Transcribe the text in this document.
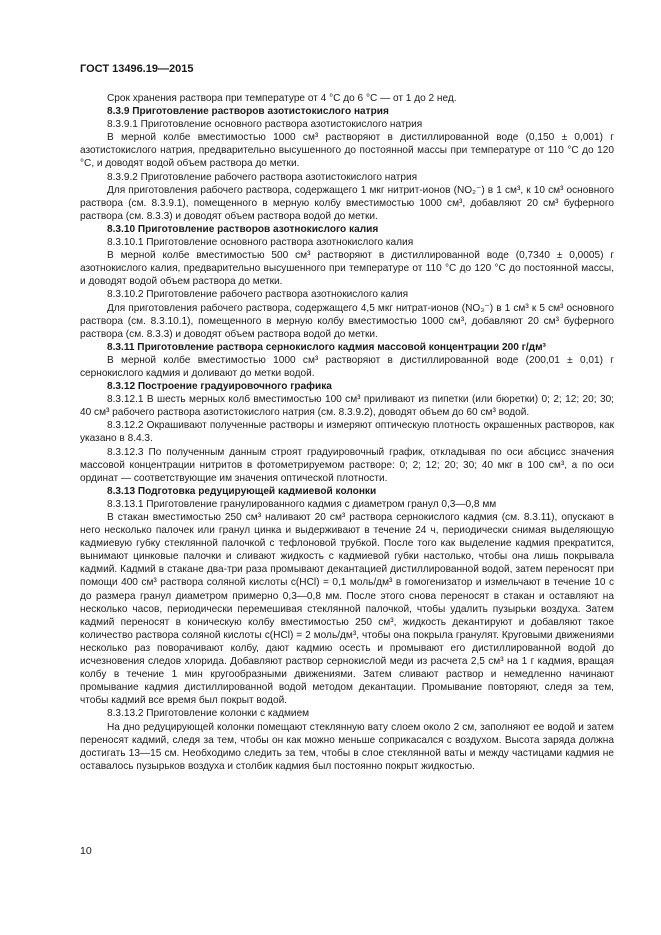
ГОСТ 13496.19—2015

Срок хранения раствора при температуре от 4 °С до 6 °С — от 1 до 2 нед.

8.3.9 Приготовление растворов азотистокислого натрия

8.3.9.1 Приготовление основного раствора азотистокислого натрия

В мерной колбе вместимостью 1000 см³ растворяют в дистиллированной воде (0,150 ± 0,001) г азотистокислого натрия, предварительно высушенного до постоянной массы при температуре от 110 °С до 120 °С, и доводят водой объем раствора до метки.

8.3.9.2 Приготовление рабочего раствора азотистокислого натрия

Для приготовления рабочего раствора, содержащего 1 мкг нитрит-ионов (NO₂⁻) в 1 см³, к 10 см³ основного раствора (см. 8.3.9.1), помещенного в мерную колбу вместимостью 1000 см³, добавляют 20 см³ буферного раствора (см. 8.3.3) и доводят объем раствора водой до метки.

8.3.10 Приготовление растворов азотнокислого калия

8.3.10.1 Приготовление основного раствора азотнокислого калия

В мерной колбе вместимостью 500 см³ растворяют в дистиллированной воде (0,7340 ± 0,0005) г азотнокислого калия, предварительно высушенного при температуре от 110 °С до 120 °С до постоянной массы, и доводят водой объем раствора до метки.

8.3.10.2 Приготовление рабочего раствора азотнокислого калия

Для приготовления рабочего раствора, содержащего 4,5 мкг нитрат-ионов (NO₃⁻) в 1 см³ к 5 см³ основного раствора (см. 8.3.10.1), помещенного в мерную колбу вместимостью 1000 см³, добавляют 20 см³ буферного раствора (см. 8.3.3) и доводят объем раствора водой до метки.

8.3.11 Приготовление раствора сернокислого кадмия массовой концентрации 200 г/дм³

В мерной колбе вместимостью 1000 см³ растворяют в дистиллированной воде (200,01 ± 0,01) г сернокислого кадмия и доливают до метки водой.

8.3.12 Построение градуировочного графика

8.3.12.1 В шесть мерных колб вместимостью 100 см³ приливают из пипетки (или бюретки) 0; 2; 12; 20; 30; 40 см³ рабочего раствора азотистокислого натрия (см. 8.3.9.2), доводят объем до 60 см³ водой.

8.3.12.2 Окрашивают полученные растворы и измеряют оптическую плотность окрашенных растворов, как указано в 8.4.3.

8.3.12.3 По полученным данным строят градуировочный график, откладывая по оси абсцисс значения массовой концентрации нитритов в фотометрируемом растворе: 0; 2; 12; 20; 30; 40 мкг в 100 см³, а по оси ординат — соответствующие им значения оптической плотности.

8.3.13 Подготовка редуцирующей кадмиевой колонки

8.3.13.1 Приготовление гранулированного кадмия с диаметром гранул 0,3—0,8 мм

В стакан вместимостью 250 см³ наливают 20 см³ раствора сернокислого кадмия (см. 8.3.11), опускают в него несколько палочек или гранул цинка и выдерживают в течение 24 ч, периодически снимая выделяющую кадмиевую губку стеклянной палочкой с тефлоновой трубкой. После того как выделение кадмия прекратится, вынимают цинковые палочки и сливают жидкость с кадмиевой губки настолько, чтобы она лишь покрывала кадмий. Кадмий в стакане два-три раза промывают декантацией дистиллированной водой, затем переносят при помощи 400 см³ раствора соляной кислоты c(HCl) = 0,1 моль/дм³ в гомогенизатор и измельчают в течение 10 с до размера гранул диаметром примерно 0,3—0,8 мм. После этого снова переносят в стакан и оставляют на несколько часов, периодически перемешивая стеклянной палочкой, чтобы удалить пузырьки воздуха. Затем кадмий переносят в коническую колбу вместимостью 250 см³, жидкость декантируют и добавляют такое количество раствора соляной кислоты c(HCl) = 2 моль/дм³, чтобы она покрыла гранулят. Круговыми движениями несколько раз поворачивают колбу, дают кадмию осесть и промывают его дистиллированной водой до исчезновения следов хлорида. Добавляют раствор сернокислой меди из расчета 2,5 см³ на 1 г кадмия, вращая колбу в течение 1 мин кругообразными движениями. Затем сливают раствор и немедленно начинают промывание кадмия дистиллированной водой методом декантации. Промывание повторяют, следя за тем, чтобы кадмий все время был покрыт водой.

8.3.13.2 Приготовление колонки с кадмием

На дно редуцирующей колонки помещают стеклянную вату слоем около 2 см, заполняют ее водой и затем переносят кадмий, следя за тем, чтобы он как можно меньше соприкасался с воздухом. Высота заряда должна достигать 13—15 см. Необходимо следить за тем, чтобы в слое стеклянной ваты и между частицами кадмия не оставалось пузырьков воздуха и столбик кадмия был постоянно покрыт жидкостью.

10
